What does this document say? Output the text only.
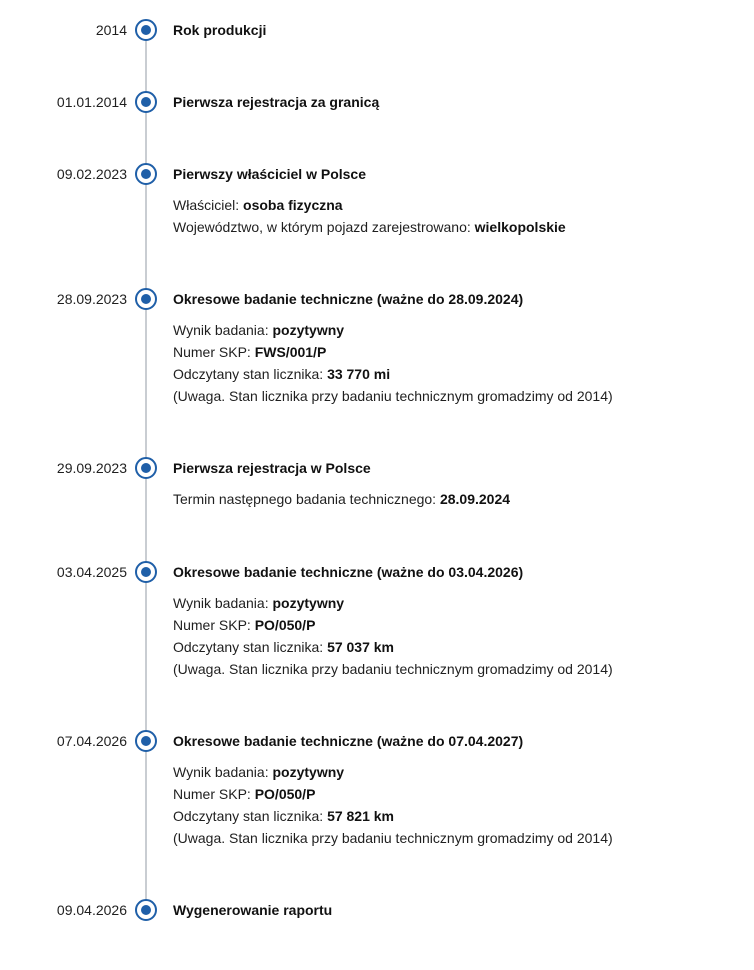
2014	Rok produkcji
01.01.2014	Pierwsza rejestracja za granicą
09.02.2023	Pierwszy właściciel w Polsce
Właściciel: osoba fizyczna
Województwo, w którym pojazd zarejestrowano: wielkopolskie
28.09.2023	Okresowe badanie techniczne (ważne do 28.09.2024)
Wynik badania: pozytywny
Numer SKP: FWS/001/P
Odczytany stan licznika: 33 770 mi
(Uwaga. Stan licznika przy badaniu technicznym gromadzimy od 2014)
29.09.2023	Pierwsza rejestracja w Polsce
Termin następnego badania technicznego: 28.09.2024
03.04.2025	Okresowe badanie techniczne (ważne do 03.04.2026)
Wynik badania: pozytywny
Numer SKP: PO/050/P
Odczytany stan licznika: 57 037 km
(Uwaga. Stan licznika przy badaniu technicznym gromadzimy od 2014)
07.04.2026	Okresowe badanie techniczne (ważne do 07.04.2027)
Wynik badania: pozytywny
Numer SKP: PO/050/P
Odczytany stan licznika: 57 821 km
(Uwaga. Stan licznika przy badaniu technicznym gromadzimy od 2014)
09.04.2026	Wygenerowanie raportu
